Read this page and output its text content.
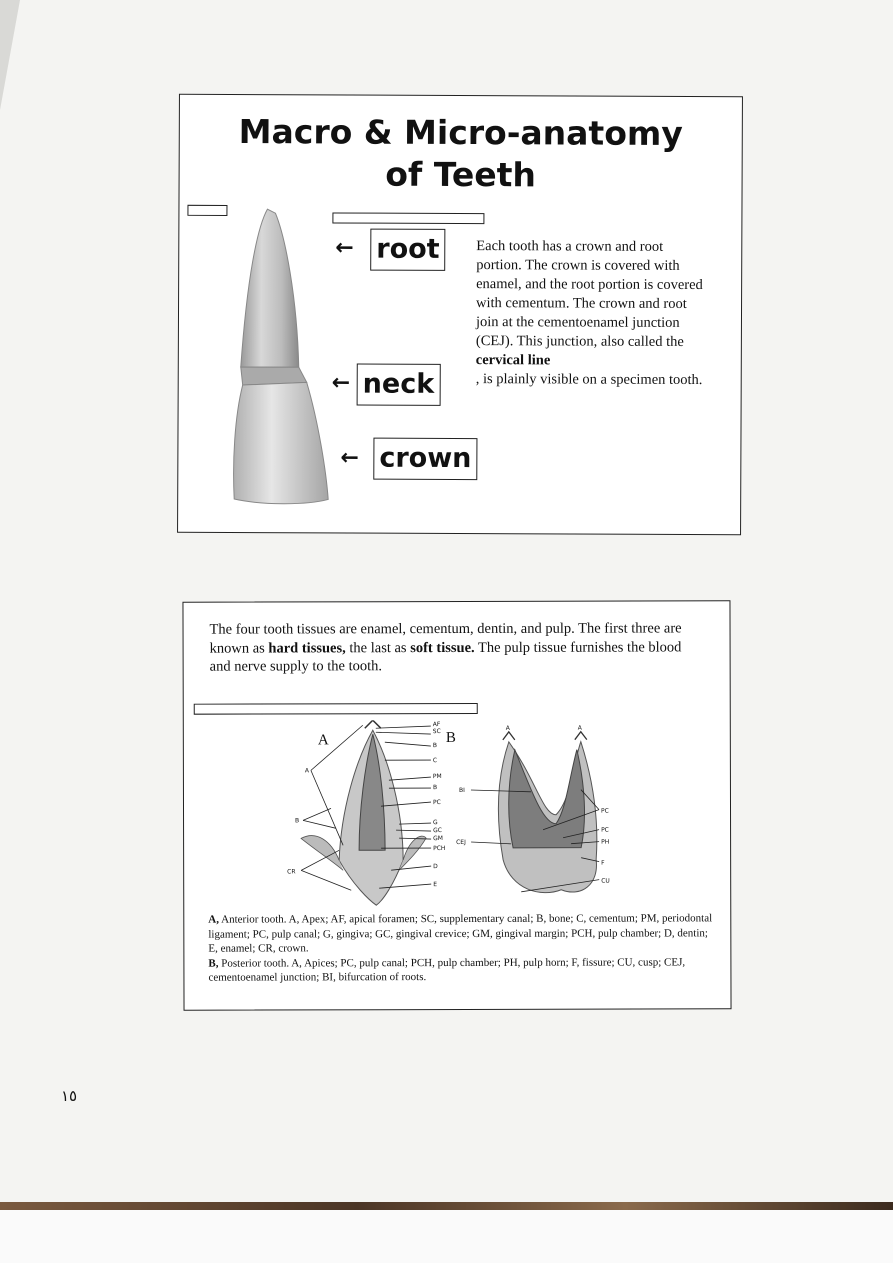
Macro & Micro-anatomy
of Teeth
← root
← neck
← crown

Each tooth has a crown and root portion. The crown is covered with enamel, and the root portion is covered with cementum. The crown and root join at the cementoenamel junction (CEJ). This junction, also called the cervical line
, is plainly visible on a specimen tooth.

The four tooth tissues are enamel, cementum, dentin, and pulp. The first three are known as hard tissues, the last as soft tissue. The pulp tissue furnishes the blood and nerve supply to the tooth.

A
AF
SC
B
C
PM
B
PC
G
GC
GM
PCH
D
E
A
B
CR
B
A	A
BI
CEJ
PC
PC
PH
F
CU

A, Anterior tooth. A, Apex; AF, apical foramen; SC, supplementary canal; B, bone; C, cementum; PM, periodontal ligament; PC, pulp canal; G, gingiva; GC, gingival crevice; GM, gingival margin; PCH, pulp chamber; D, dentin; E, enamel; CR, crown.
B, Posterior tooth. A, Apices; PC, pulp canal; PCH, pulp chamber; PH, pulp horn; F, fissure; CU, cusp; CEJ, cementoenamel junction; BI, bifurcation of roots.

١٥
